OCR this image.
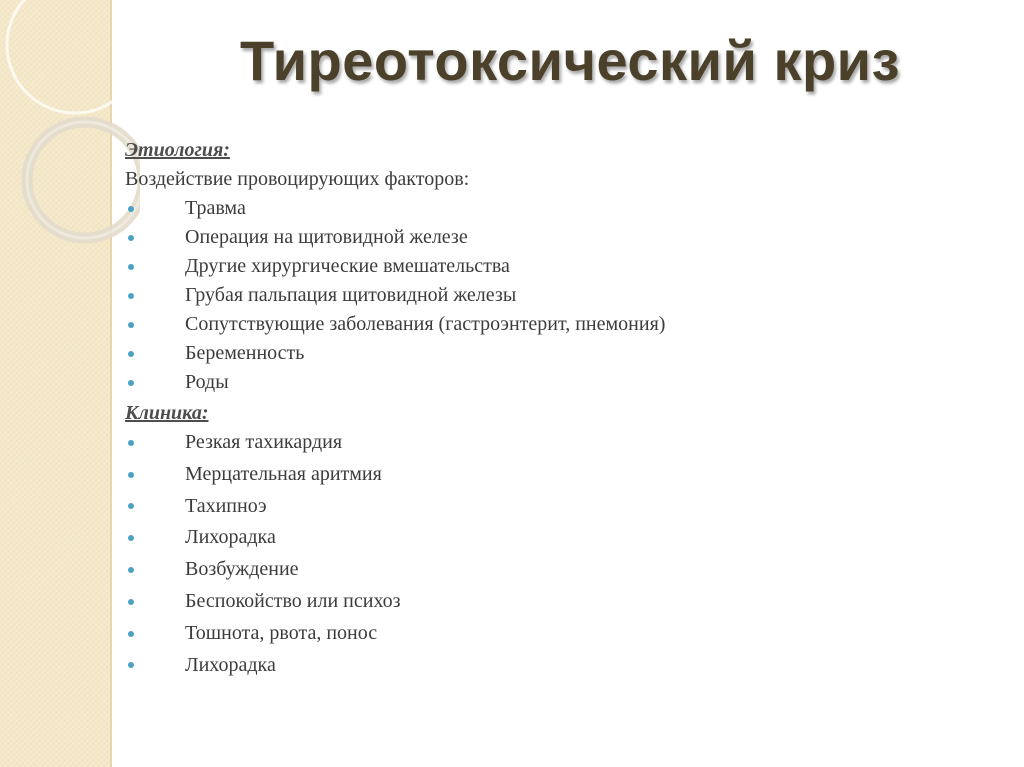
Тиреотоксический криз

Этиология:

Воздействие провоцирующих факторов:

Травма
Операция на щитовидной железе
Другие хирургические вмешательства
Грубая пальпация щитовидной железы
Сопутствующие заболевания (гастроэнтерит, пнемония)
Беременность
Роды

Клиника:

Резкая тахикардия
Мерцательная аритмия
Тахипноэ
Лихорадка
Возбуждение
Беспокойство или психоз
Тошнота, рвота, понос
Лихорадка
